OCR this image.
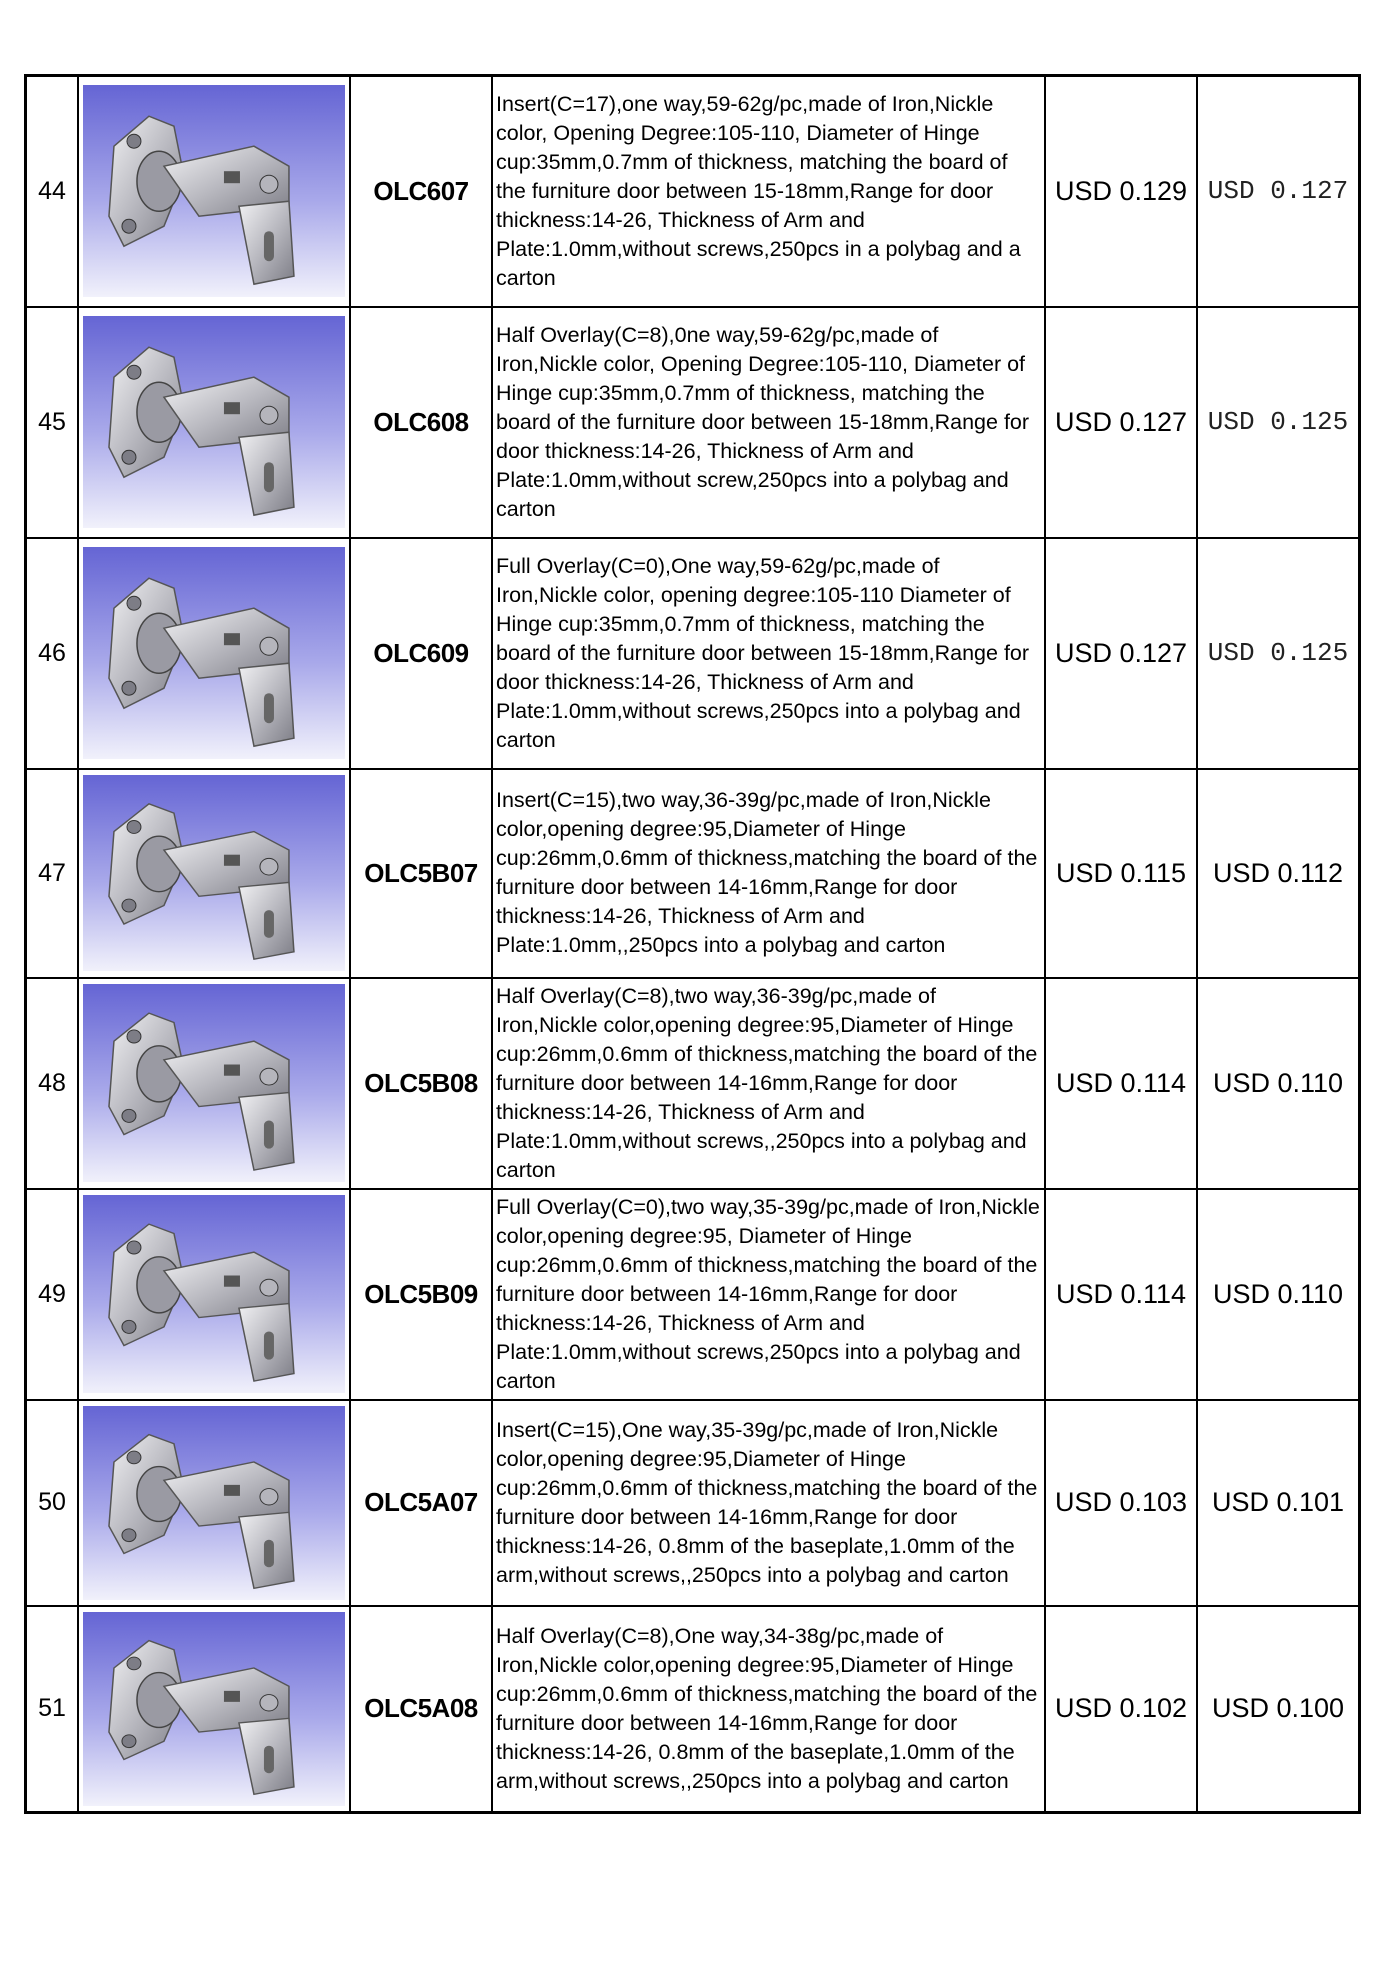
44		OLC607	Insert(C=17),one way,59-62g/pc,made of Iron,Nickle color, Opening Degree:105-110, Diameter of Hinge cup:35mm,0.7mm of thickness, matching the board of the furniture door between 15-18mm,Range for door thickness:14-26, Thickness of Arm and Plate:1.0mm,without screws,250pcs in a polybag and a carton	USD 0.129	USD 0.127
45		OLC608	Half Overlay(C=8),0ne way,59-62g/pc,made of Iron,Nickle color, Opening Degree:105-110, Diameter of Hinge cup:35mm,0.7mm of thickness, matching the board of the furniture door between 15-18mm,Range for door thickness:14-26, Thickness of Arm and Plate:1.0mm,without screw,250pcs into a polybag and carton	USD 0.127	USD 0.125
46		OLC609	Full Overlay(C=0),One way,59-62g/pc,made of Iron,Nickle color, opening degree:105-110 Diameter of Hinge cup:35mm,0.7mm of thickness, matching the board of the furniture door between 15-18mm,Range for door thickness:14-26, Thickness of Arm and Plate:1.0mm,without screws,250pcs into a polybag and carton	USD 0.127	USD 0.125
47		OLC5B07	Insert(C=15),two way,36-39g/pc,made of Iron,Nickle color,opening degree:95,Diameter of Hinge cup:26mm,0.6mm of thickness,matching the board of the furniture door between 14-16mm,Range for door thickness:14-26, Thickness of Arm and Plate:1.0mm,,250pcs into a polybag and carton	USD 0.115	USD 0.112
48		OLC5B08	Half Overlay(C=8),two way,36-39g/pc,made of Iron,Nickle color,opening degree:95,Diameter of Hinge cup:26mm,0.6mm of thickness,matching the board of the furniture door between 14-16mm,Range for door thickness:14-26, Thickness of Arm and Plate:1.0mm,without screws,,250pcs into a polybag and carton	USD 0.114	USD 0.110
49		OLC5B09	Full Overlay(C=0),two way,35-39g/pc,made of Iron,Nickle color,opening degree:95, Diameter of Hinge cup:26mm,0.6mm of thickness,matching the board of the furniture door between 14-16mm,Range for door thickness:14-26, Thickness of Arm and Plate:1.0mm,without screws,250pcs into a polybag and carton	USD 0.114	USD 0.110
50		OLC5A07	Insert(C=15),One way,35-39g/pc,made of Iron,Nickle color,opening degree:95,Diameter of Hinge cup:26mm,0.6mm of thickness,matching the board of the furniture door between 14-16mm,Range for door thickness:14-26, 0.8mm of the baseplate,1.0mm of the arm,without screws,,250pcs into a polybag and carton	USD 0.103	USD 0.101
51		OLC5A08	Half Overlay(C=8),One way,34-38g/pc,made of Iron,Nickle color,opening degree:95,Diameter of Hinge cup:26mm,0.6mm of thickness,matching the board of the furniture door between 14-16mm,Range for door thickness:14-26, 0.8mm of the baseplate,1.0mm of the arm,without screws,,250pcs into a polybag and carton	USD 0.102	USD 0.100
